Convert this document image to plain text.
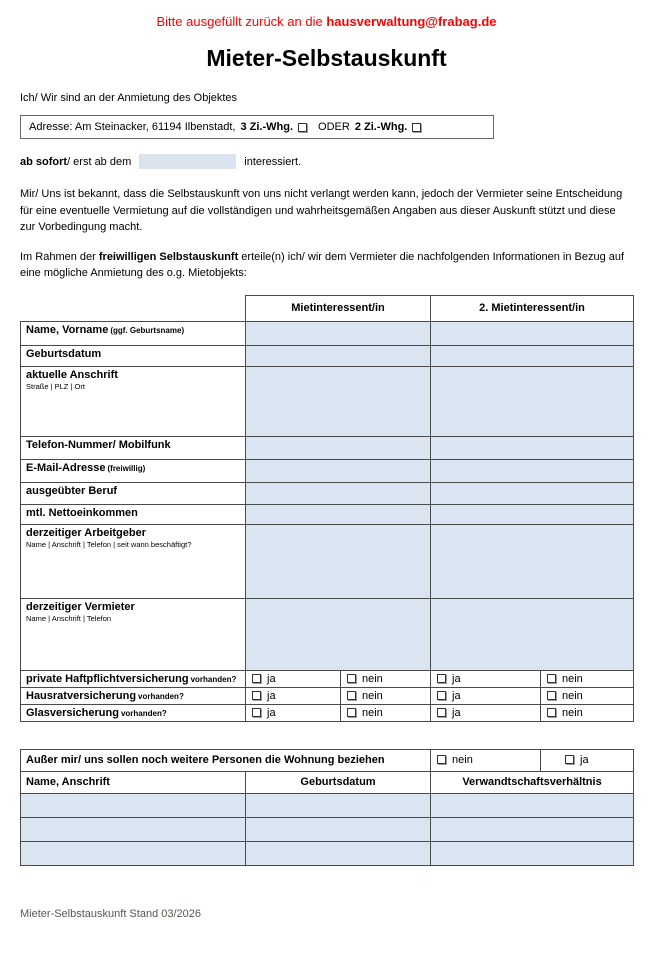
Bitte ausgefüllt zurück an die hausverwaltung@frabag.de
Mieter-Selbstauskunft
Ich/ Wir sind an der Anmietung des Objektes
Adresse: Am Steinacker, 61194 Ilbenstadt, 3 Zi.-Whg. ODER 2 Zi.-Whg.
ab sofort / erst ab dem	interessiert.

Mir/ Uns ist bekannt, dass die Selbstauskunft von uns nicht verlangt werden kann, jedoch der Vermieter seine Entscheidung für eine eventuelle Vermietung auf die vollständigen und wahrheitsgemäßen Angaben aus dieser Auskunft stützt und diese zur Vorbedingung macht.

Im Rahmen der freiwilligen Selbstauskunft erteile(n) ich/ wir dem Vermieter die nachfolgenden Informationen in Bezug auf eine mögliche Anmietung des o.g. Mietobjekts:

	Mietinteressent/in		2. Mietinteressent/in	
Name, Vorname (ggf. Geburtsname)				
Geburtsdatum				

aktuelle Anschrift
Straße | PLZ | Ort				

Telefon-Nummer/ Mobilfunk				
E-Mail-Adresse (freiwillig)				
ausgeübter Beruf				
mtl. Nettoeinkommen				

derzeitiger Arbeitgeber
Name | Anschrift | Telefon | seit wann beschäftigt?				

derzeitiger Vermieter
Name | Anschrift | Telefon				

private Haftpflichtversicherung vorhanden?	ja	nein	ja	nein
Hausratversicherung vorhanden?	ja	nein	ja	nein
Glasversicherung vorhanden?	ja	nein	ja	nein
Außer mir/ uns sollen noch weitere Personen die Wohnung beziehen		nein	ja
Name, Anschrift	Geburtsdatum	Verwandtschaftsverhältnis	

Mieter-Selbstauskunft Stand 03/2026
